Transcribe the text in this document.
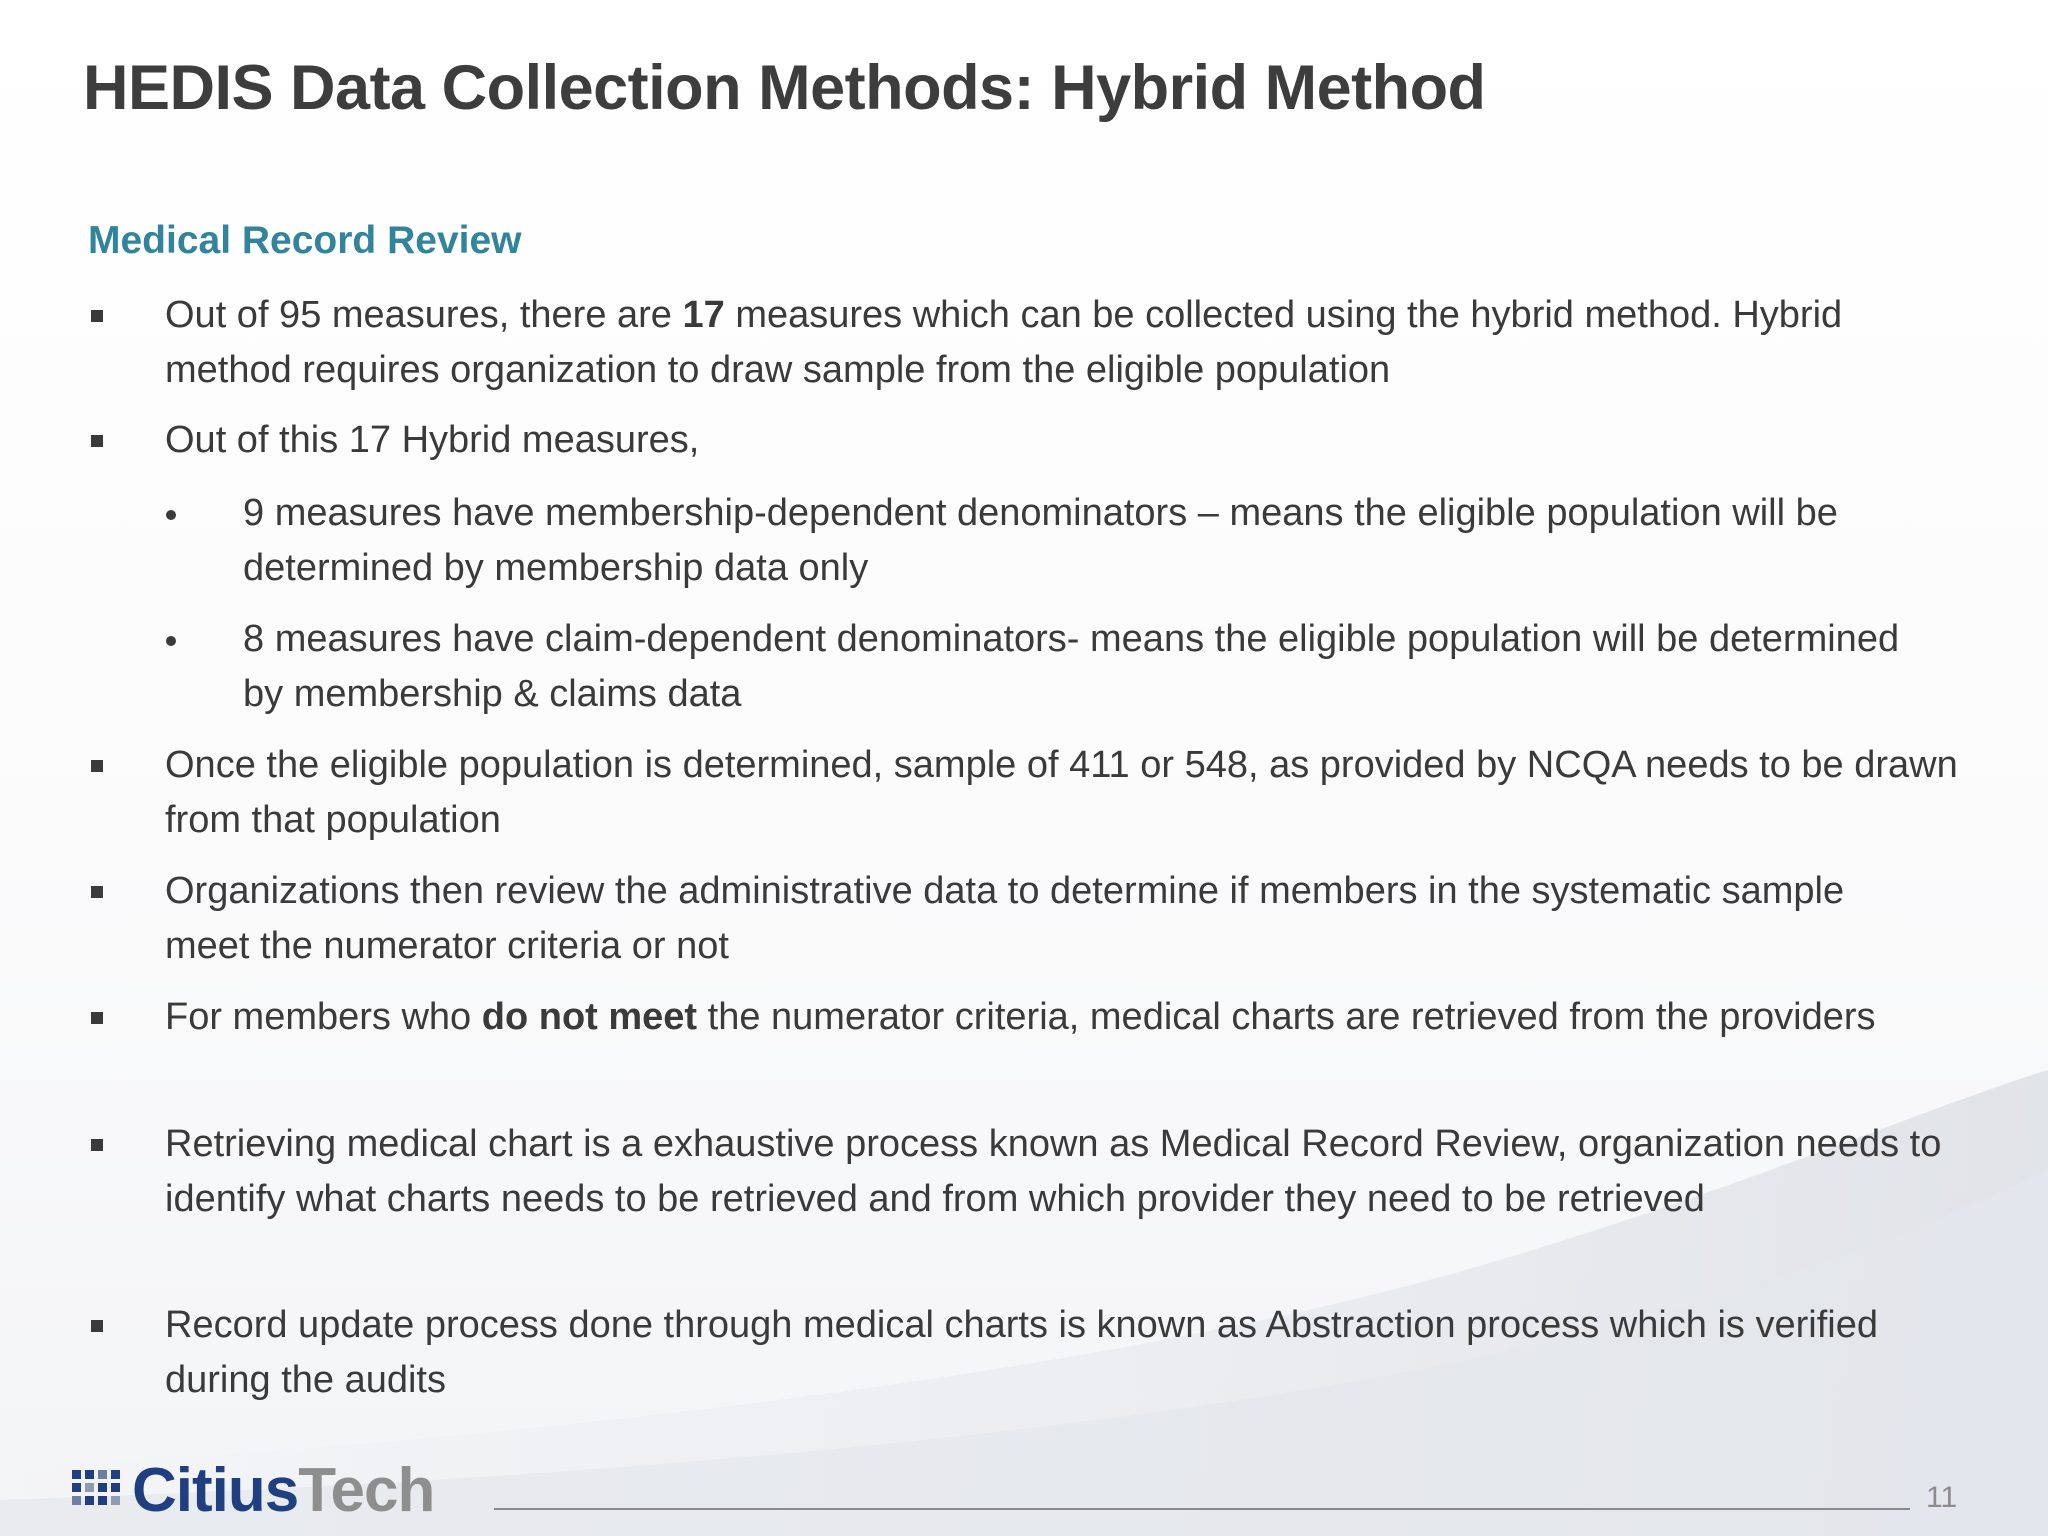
HEDIS Data Collection Methods: Hybrid Method
Medical Record Review
Out of 95 measures, there are 17 measures which can be collected using the hybrid method. Hybrid method requires organization to draw sample from the eligible population
Out of this 17 Hybrid measures,
9 measures have membership-dependent denominators – means the eligible population will be determined by membership data only
8 measures have claim-dependent denominators- means the eligible population will be determined by membership & claims data
Once the eligible population is determined, sample of 411 or 548, as provided by NCQA needs to be drawn from that population
Organizations then review the administrative data to determine if members in the systematic sample meet the numerator criteria or not
For members who do not meet the numerator criteria, medical charts are retrieved from the providers
Retrieving medical chart is a exhaustive process known as Medical Record Review, organization needs to identify what charts needs to be retrieved and from which provider they need to be retrieved
Record update process done through medical charts is known as Abstraction process which is verified during the audits
CitiusTech	11
